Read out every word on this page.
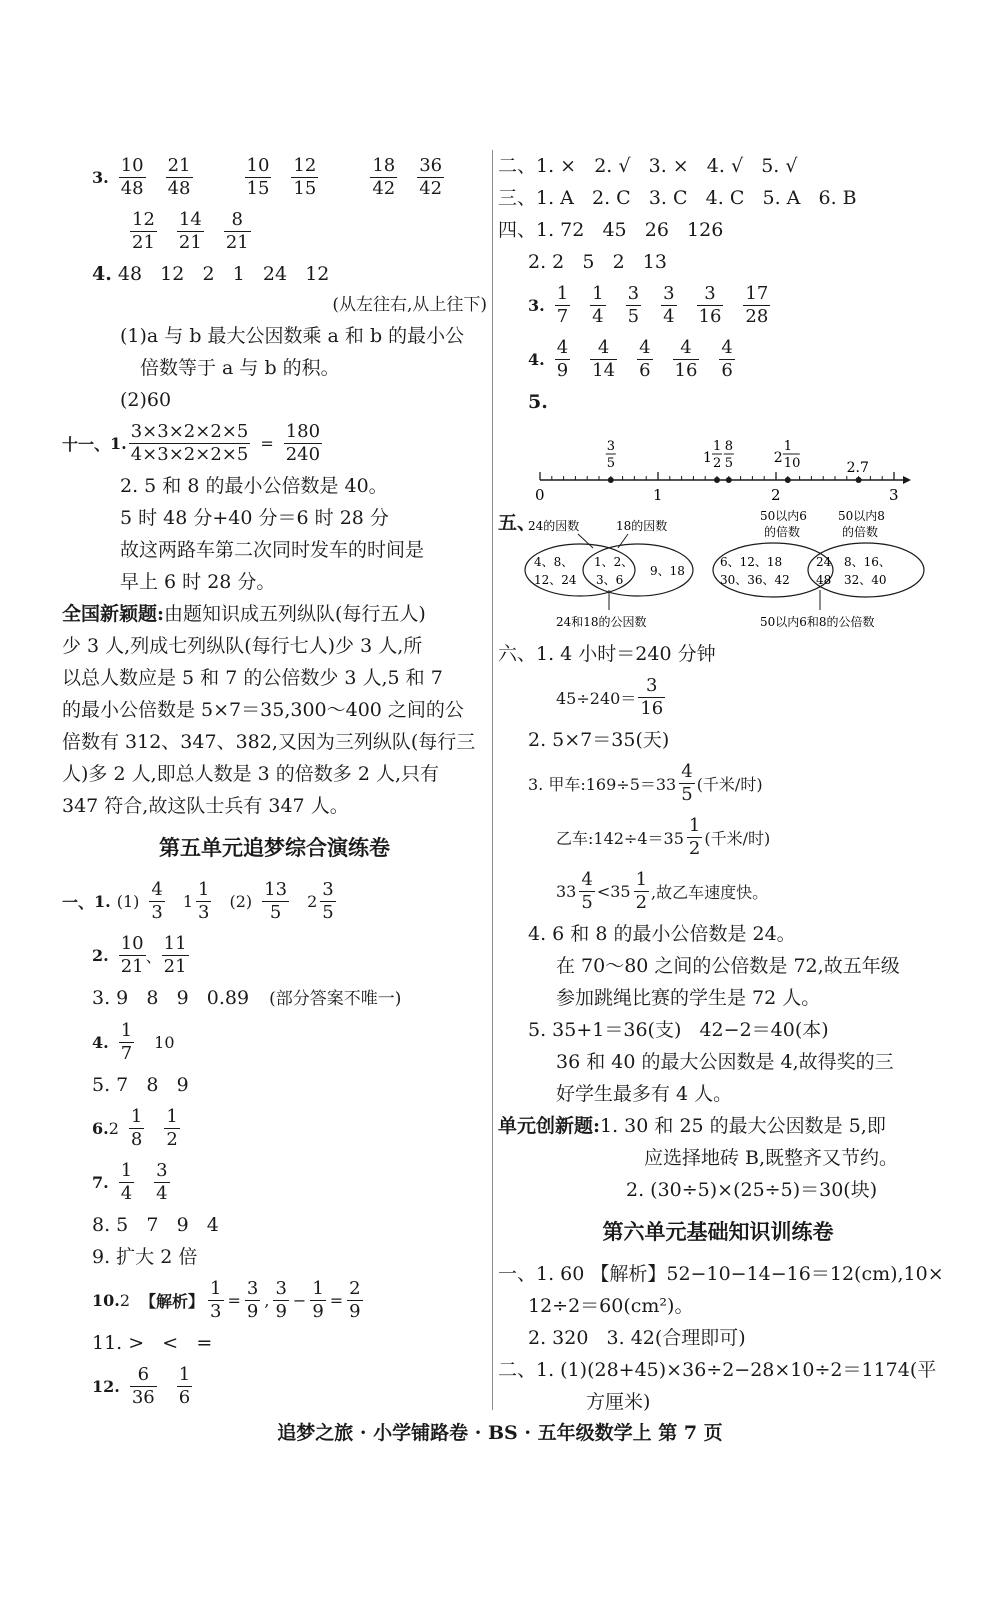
3. $\frac{10}{48} \frac{21}{48}$	$\frac{10}{15} \frac{12}{15}$	$\frac{18}{42} \frac{36}{42}$
$\frac{12}{21} \frac{14}{21} \frac{8}{21}$
4. 48   12   2   1   24   12
(从左往右,从上往下)
(1)a 与 b 最大公因数乘 a 和 b 的最小公
倍数等于 a 与 b 的积。
(2)60
十一、 1. $\frac{3\times 3\times 2\times 2\times 5}{4\times 3\times 2\times 2\times 5} = \frac{180}{240}$
2. 5 和 8 的最小公倍数是 40。
5 时 48 分+40 分＝6 时 28 分
故这两路车第二次同时发车的时间是
早上 6 时 28 分。
全国新颖题:由题知识成五列纵队(每行五人)
少 3 人,列成七列纵队(每行七人)少 3 人,所
以总人数应是 5 和 7 的公倍数少 3 人,5 和 7
的最小公倍数是 5×7＝35,300～400 之间的公
倍数有 312、347、382,又因为三列纵队(每行三
人)多 2 人,即总人数是 3 的倍数多 2 人,只有
347 符合,故这队士兵有 347 人。
第五单元追梦综合演练卷
一、 1. $(1) \frac{4}{3} 1 \frac{1}{3} (2) \frac{13}{5} 2 \frac{3}{5}$
2. $\frac{10}{21}$ 、 $\frac{11}{21}$
3. 9   8   9   0.89 (部分答案不唯一)
4. $\frac{1}{7} 10$
5. 7   8   9
6. $2 \frac{1}{8} \frac{1}{2}$
7. $\frac{1}{4} \frac{3}{4}$
8. 5   7   9   4
9. 扩大 2 倍
10. 2 【解析】 $\frac{1}{3} = \frac{3}{9}$ , $\frac{3}{9} - \frac{1}{9} = \frac{2}{9}$
11. >   <   =
12. $\frac{6}{36} \frac{1}{6}$
二、1. ×   2. √   3. ×   4. √   5. √
三、1. A   2. C   3. C   4. C   5. A   6. B
四、1. 72   45   26   126
2. 2   5   2   13
3. $\frac{1}{7} \frac{1}{4} \frac{3}{5} \frac{3}{4} \frac{3}{16} \frac{17}{28}$
4. $\frac{4}{9} \frac{4}{14} \frac{4}{6} \frac{4}{16} \frac{4}{6}$
5.
0	1	2	3
3
5	1
1
2
8
5	2
1
10	2.7
五、
24的因数	18的因数
4、8、
12、24
1、2、
3、6
9、18
24和18的公因数
50以内6
的倍数
50以内8
的倍数
6、12、18
30、36、42
24
48
8、16、
32、40
50以内6和8的公倍数
六、1. 4 小时＝240 分钟
$45\div 240= \frac{3}{16}$
2. 5×7＝35(天)
3. 甲车:169÷5＝33 $\frac{4}{5}$ (千米/时)
乙车:142÷4＝35 $\frac{1}{2}$ (千米/时)
$33 \frac{4}{5} <35 \frac{1}{2}$ ,故乙车速度快。
4. 6 和 8 的最小公倍数是 24。
在 70～80 之间的公倍数是 72,故五年级
参加跳绳比赛的学生是 72 人。
5. 35+1＝36(支)   42−2＝40(本)
36 和 40 的最大公因数是 4,故得奖的三
好学生最多有 4 人。
单元创新题:1. 30 和 25 的最大公因数是 5,即
应选择地砖 B,既整齐又节约。
2. (30÷5)×(25÷5)＝30(块)
第六单元基础知识训练卷
一、1. 60 【解析】52−10−14−16＝12(cm),10×
12÷2＝60(cm²)。
2. 320   3. 42(合理即可)
二、1. (1)(28+45)×36÷2−28×10÷2＝1174(平
方厘米)
追梦之旅 · 小学铺路卷 · BS · 五年级数学上 第 7 页
